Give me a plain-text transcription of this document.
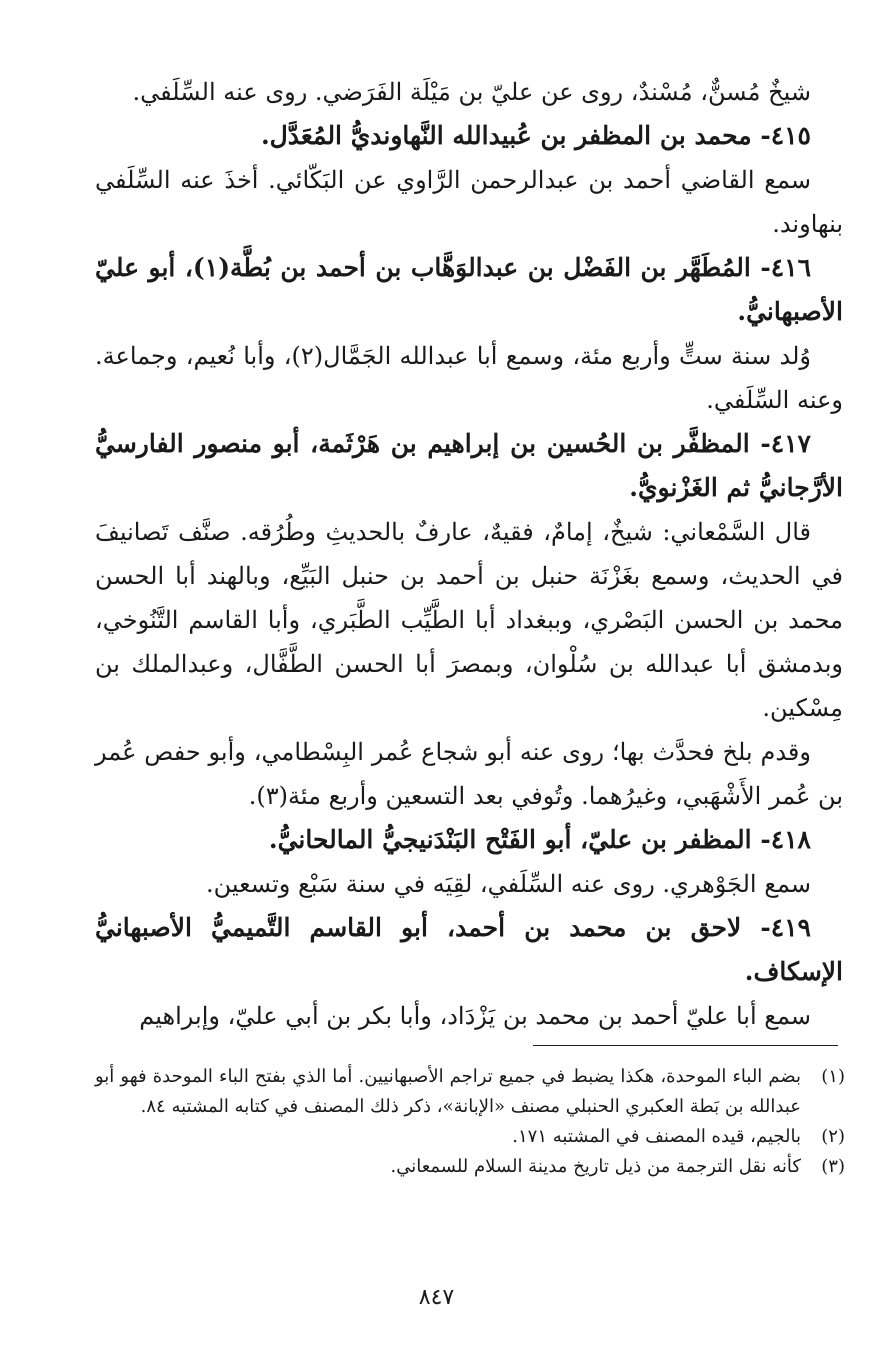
شيخٌ مُسنٌّ، مُسْندٌ، روى عن عليّ بن مَيْلَة الفَرَضي. روى عنه السِّلَفي.

٤١٥- محمد بن المظفر بن عُبيدالله النَّهاونديُّ المُعَدَّل.

سمع القاضي أحمد بن عبدالرحمن الرَّاوي عن البَكّائي. أخذَ عنه السِّلَفي بنهاوند.

٤١٦- المُطَهَّر بن الفَضْل بن عبدالوَهَّاب بن أحمد بن بُطَّة(١)، أبو عليّ الأصبهانيُّ.

وُلد سنة ستٍّ وأربع مئة، وسمع أبا عبدالله الجَمَّال(٢)، وأبا نُعيم، وجماعة. وعنه السِّلَفي.

٤١٧- المظفَّر بن الحُسين بن إبراهيم بن هَرْثَمة، أبو منصور الفارسيُّ الأرَّجانيُّ ثم الغَزْنويُّ.

قال السَّمْعاني: شيخٌ، إمامٌ، فقيهٌ، عارفٌ بالحديثِ وطُرُقه. صنَّف تَصانيفَ في الحديث، وسمع بغَزْنَة حنبل بن أحمد بن حنبل البَيِّع، وبالهند أبا الحسن محمد بن الحسن البَصْري، وببغداد أبا الطَّيِّب الطَّبَري، وأبا القاسم التَّنُوخي، وبدمشق أبا عبدالله بن سُلْوان، وبمصرَ أبا الحسن الطَّفَّال، وعبدالملك بن مِسْكين.

وقدم بلخ فحدَّث بها؛ روى عنه أبو شجاع عُمر البِسْطامي، وأبو حفص عُمر بن عُمر الأَشْهَبي، وغيرُهما. وتُوفي بعد التسعين وأربع مئة(٣).

٤١٨- المظفر بن عليّ، أبو الفَتْح البَنْدَنيجيُّ المالحانيُّ.

سمع الجَوْهري. روى عنه السِّلَفي، لقِيَه في سنة سَبْع وتسعين.

٤١٩- لاحق بن محمد بن أحمد، أبو القاسم التَّميميُّ الأصبهانيُّ الإسكاف.

سمع أبا عليّ أحمد بن محمد بن يَزْدَاد، وأبا بكر بن أبي عليّ، وإبراهيم

(١)
بضم الباء الموحدة، هكذا يضبط في جميع تراجم الأصبهانيين. أما الذي بفتح الباء الموحدة فهو أبو عبدالله بن بَطة العكبري الحنبلي مصنف «الإبانة»، ذكر ذلك المصنف في كتابه المشتبه ٨٤.
(٢)
بالجيم، قيده المصنف في المشتبه ١٧١.
(٣)
كأنه نقل الترجمة من ذيل تاريخ مدينة السلام للسمعاني.
٨٤٧
